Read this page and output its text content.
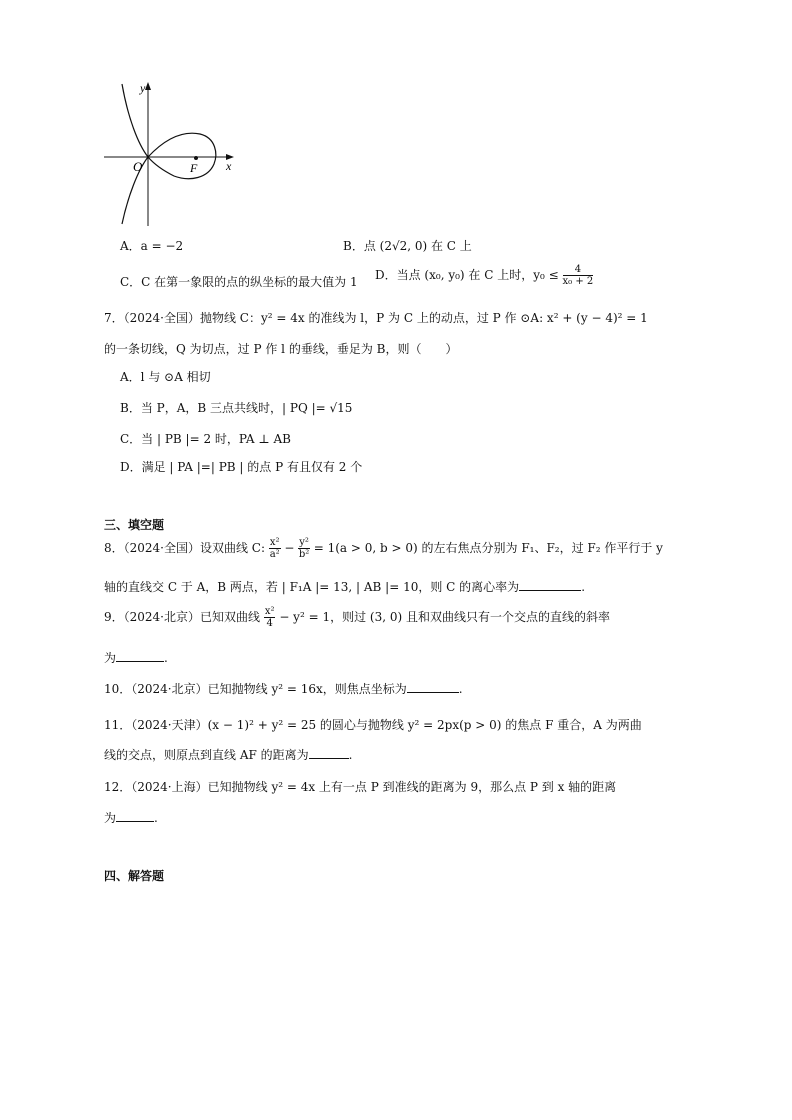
y
x
O	F
A．a = −2	B．点 (2√2, 0) 在 C 上
C．C 在第一象限的点的纵坐标的最大值为 1 D．当点 (x₀, y₀) 在 C 上时，$y_0 \le \frac{4}{\text{x₀ + 2}}$
7．（2024·全国）抛物线 C：y² = 4x 的准线为 l，P 为 C 上的动点，过 P 作 ⊙A: x² + (y − 4)² = 1
的一条切线，Q 为切点，过 P 作 l 的垂线，垂足为 B，则（　　）
A．l 与 ⊙A 相切
B．当 P，A，B 三点共线时，| PQ |= √15
C．当 | PB |= 2 时，PA ⊥ AB
D．满足 | PA |=| PB | 的点 P 有且仅有 2 个
三、填空题
8．（2024·全国）设双曲线 C: $\frac{\text{x²}}{\text{a²}} - \frac{\text{y²}}{\text{b²}} = 1(a > 0$, b > 0) 的左右焦点分别为 F₁、F₂，过 F₂ 作平行于 y
轴的直线交 C 于 A，B 两点，若 | F₁A |= 13, | AB |= 10，则 C 的离心率为	.
9．（2024·北京）已知双曲线 $\frac{\text{x²}}{4} - y^2 = 1$，则过 (3, 0) 且和双曲线只有一个交点的直线的斜率
为	.
10．（2024·北京）已知抛物线 y² = 16x，则焦点坐标为	.
11．（2024·天津）(x − 1)² + y² = 25 的圆心与抛物线 y² = 2px(p > 0) 的焦点 F 重合，A 为两曲
线的交点，则原点到直线 AF 的距离为	.
12．（2024·上海）已知抛物线 y² = 4x 上有一点 P 到准线的距离为 9，那么点 P 到 x 轴的距离
为	.
四、解答题
